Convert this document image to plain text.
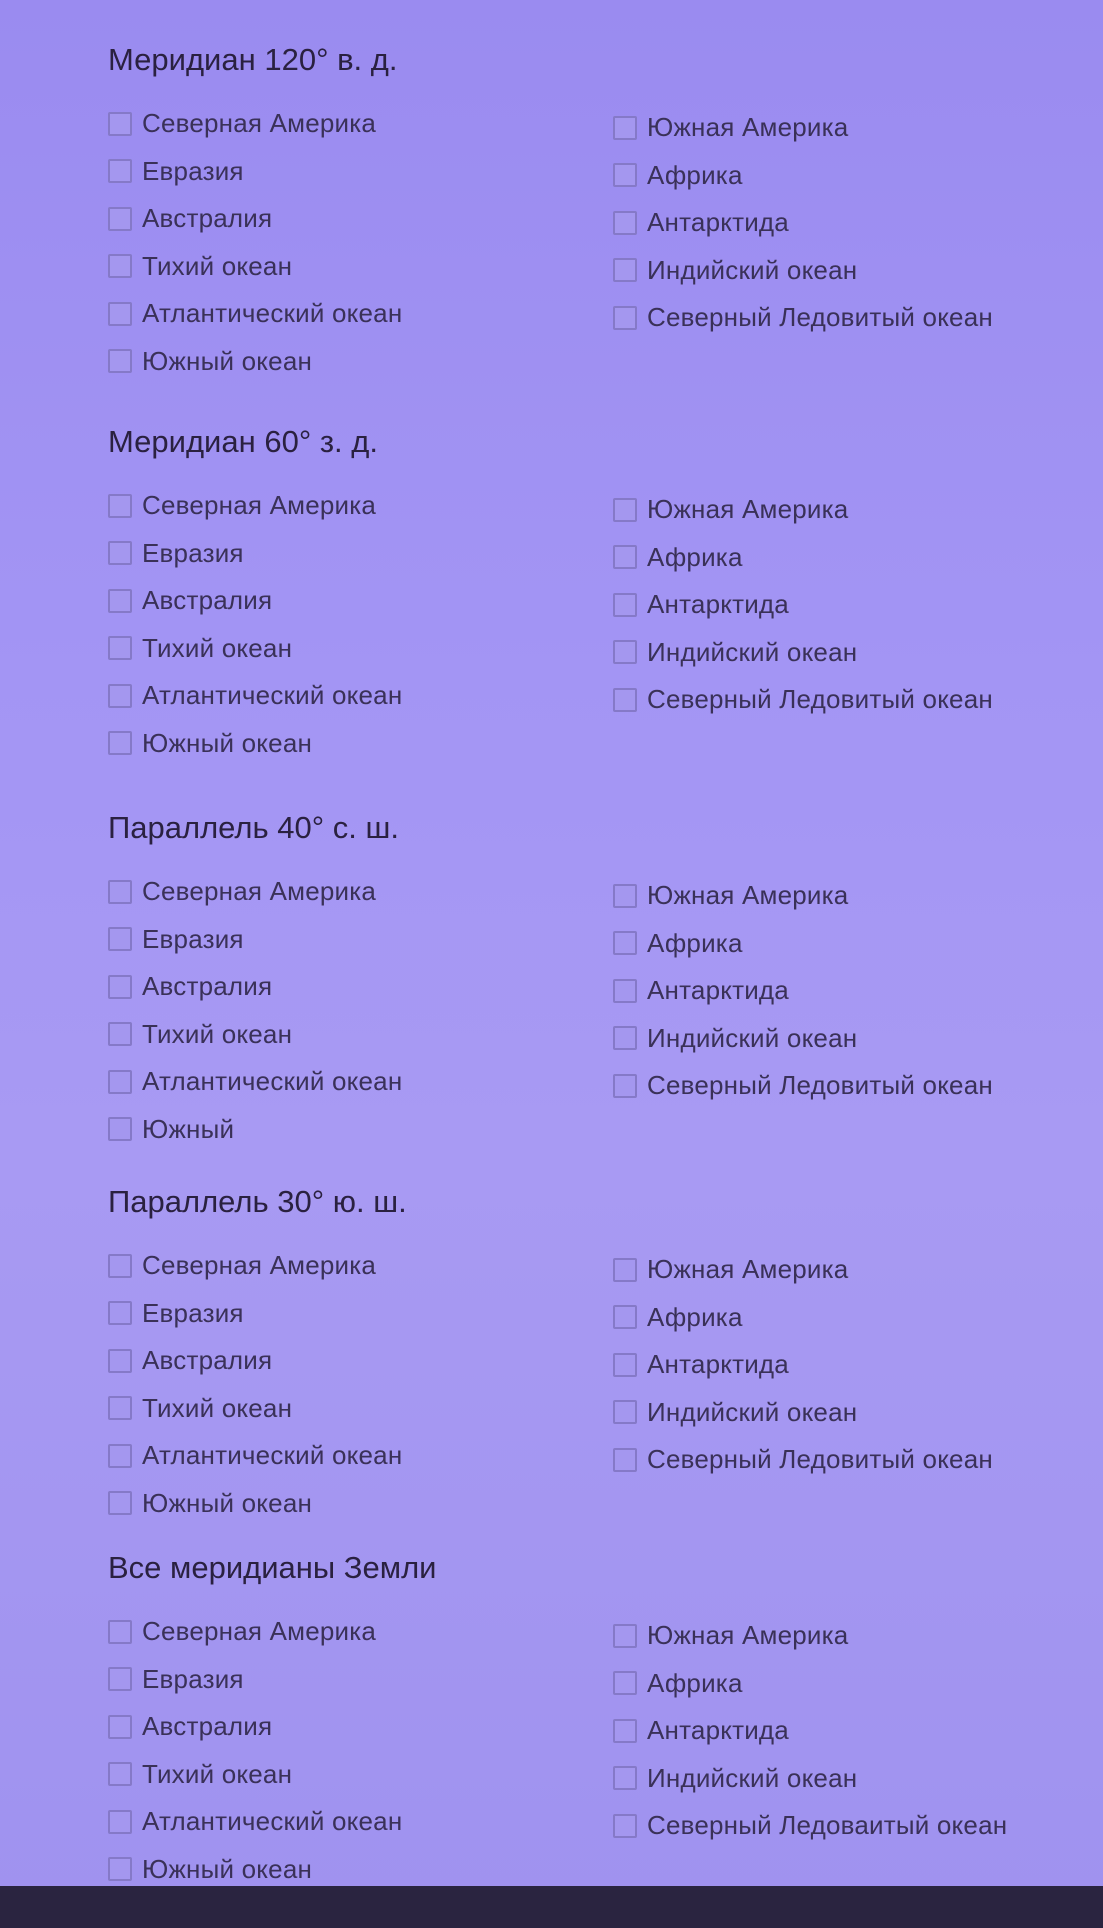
Меридиан 120° в. д.
Северная Америка
Евразия
Австралия
Тихий океан
Атлантический океан
Южный океан
Южная Америка
Африка
Антарктида
Индийский океан
Северный Ледовитый океан
Меридиан 60° з. д.
Северная Америка
Евразия
Австралия
Тихий океан
Атлантический океан
Южный океан
Южная Америка
Африка
Антарктида
Индийский океан
Северный Ледовитый океан
Параллель 40° с. ш.
Северная Америка
Евразия
Австралия
Тихий океан
Атлантический океан
Южный
Южная Америка
Африка
Антарктида
Индийский океан
Северный Ледовитый океан
Параллель 30° ю. ш.
Северная Америка
Евразия
Австралия
Тихий океан
Атлантический океан
Южный океан
Южная Америка
Африка
Антарктида
Индийский океан
Северный Ледовитый океан
Все меридианы Земли
Северная Америка
Евразия
Австралия
Тихий океан
Атлантический океан
Южный океан
Южная Америка
Африка
Антарктида
Индийский океан
Северный Ледоваитый океан
